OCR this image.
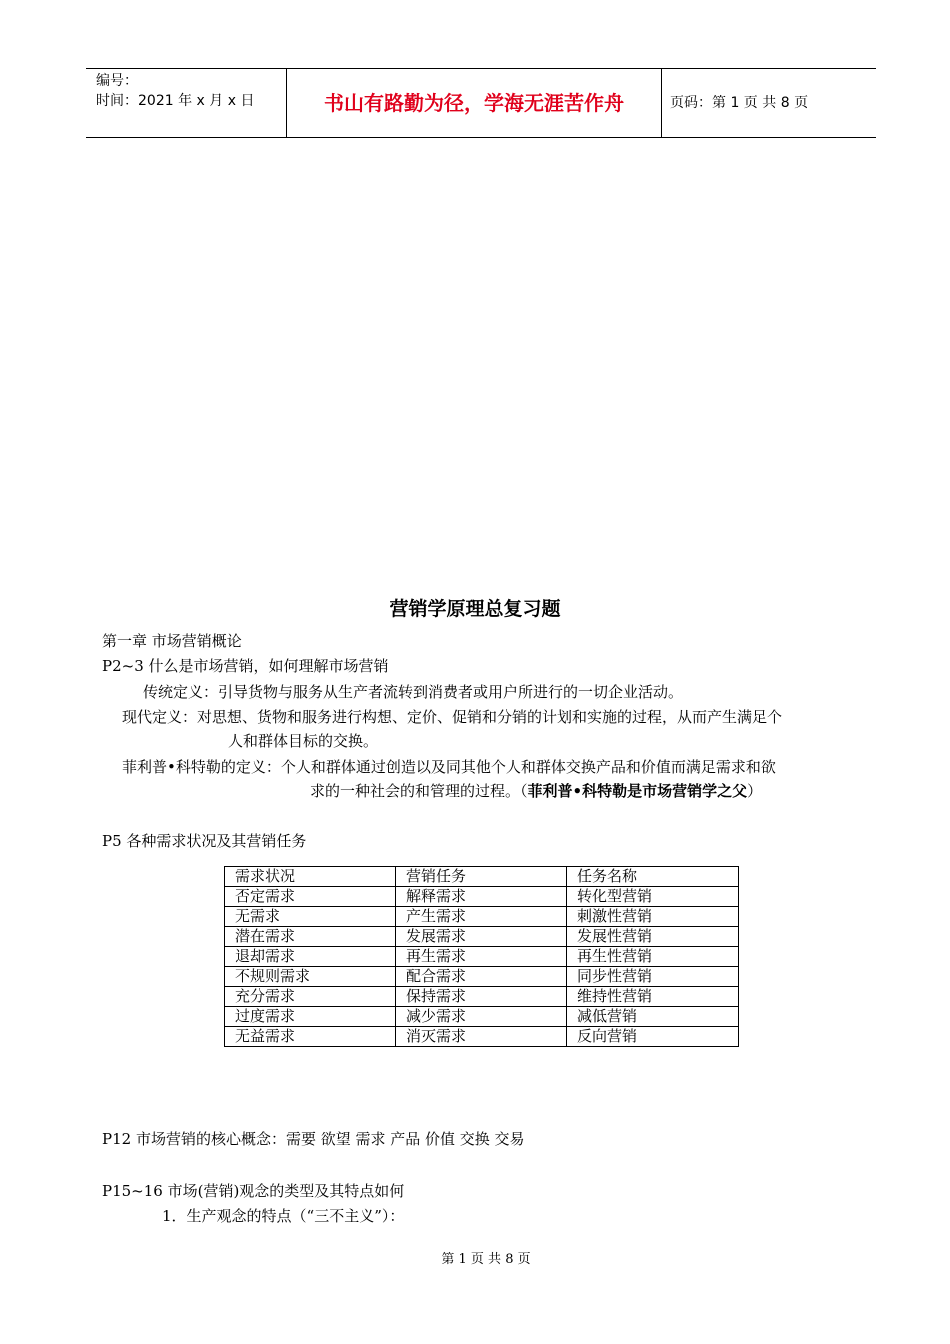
编号：
时间：2021 年 x 月 x 日	书山有路勤为径，学海无涯苦作舟	页码：第 1 页 共 8 页
营销学原理总复习题
第一章 市场营销概论
P2~3 什么是市场营销，如何理解市场营销
传统定义：引导货物与服务从生产者流转到消费者或用户所进行的一切企业活动。
现代定义：对思想、货物和服务进行构想、定价、促销和分销的计划和实施的过程，从而产生满足个
人和群体目标的交换。
菲利普•科特勒的定义：个人和群体通过创造以及同其他个人和群体交换产品和价值而满足需求和欲
求的一种社会的和管理的过程。（菲利普•科特勒是市场营销学之父）
P5 各种需求状况及其营销任务
需求状况	营销任务	任务名称
否定需求	解释需求	转化型营销
无需求	产生需求	刺激性营销
潜在需求	发展需求	发展性营销
退却需求	再生需求	再生性营销
不规则需求	配合需求	同步性营销
充分需求	保持需求	维持性营销
过度需求	减少需求	减低营销
无益需求	消灭需求	反向营销
P12 市场营销的核心概念：需要 欲望 需求 产品 价值 交换 交易
P15~16 市场(营销)观念的类型及其特点如何
1．生产观念的特点（“三不主义”）：
第 1 页 共 8 页
